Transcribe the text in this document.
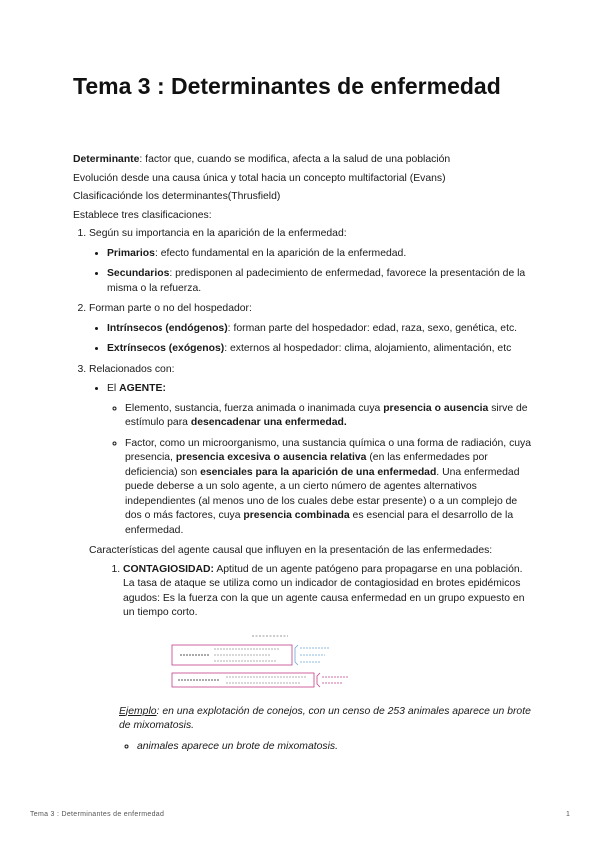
Tema 3 : Determinantes de enfermedad

Determinante: factor que, cuando se modifica, afecta a la salud de una población

Evolución desde una causa única y total hacia un concepto multifactorial (Evans)

Clasificaciónde los determinantes(Thrusfield)

Establece tres clasificaciones:

1. Según su importancia en la aparición de la enfermedad:
• Primarios: efecto fundamental en la aparición de la enfermedad.
• Secundarios: predisponen al padecimiento de enfermedad, favorece la presentación de la misma o la refuerza.
2. Forman parte o no del hospedador:
• Intrínsecos (endógenos): forman parte del hospedador: edad, raza, sexo, genética, etc.
• Extrínsecos (exógenos): externos al hospedador: clima, alojamiento, alimentación, etc
3. Relacionados con:
• El AGENTE:
◦ Elemento, sustancia, fuerza animada o inanimada cuya presencia o ausencia sirve de estímulo para desencadenar una enfermedad.
◦ Factor, como un microorganismo, una sustancia química o una forma de radiación, cuya presencia, presencia excesiva o ausencia relativa (en las enfermedades por deficiencia) son esenciales para la aparición de una enfermedad. Una enfermedad puede deberse a un solo agente, a un cierto número de agentes alternativos independientes (al menos uno de los cuales debe estar presente) o a un complejo de dos o más factores, cuya presencia combinada es esencial para el desarrollo de la enfermedad.

Características del agente causal que influyen en la presentación de las enfermedades:

1. CONTAGIOSIDAD: Aptitud de un agente patógeno para propagarse en una población. La tasa de ataque se utiliza como un indicador de contagiosidad en brotes epidémicos agudos: Es la fuerza con la que un agente causa enfermedad en un grupo expuesto en un tiempo corto.

Ejemplo: en una explotación de conejos, con un censo de 253 animales aparece un brote de mixomatosis.

◦ animales aparece un brote de mixomatosis.
Tema 3 : Determinantes de enfermedad	1
